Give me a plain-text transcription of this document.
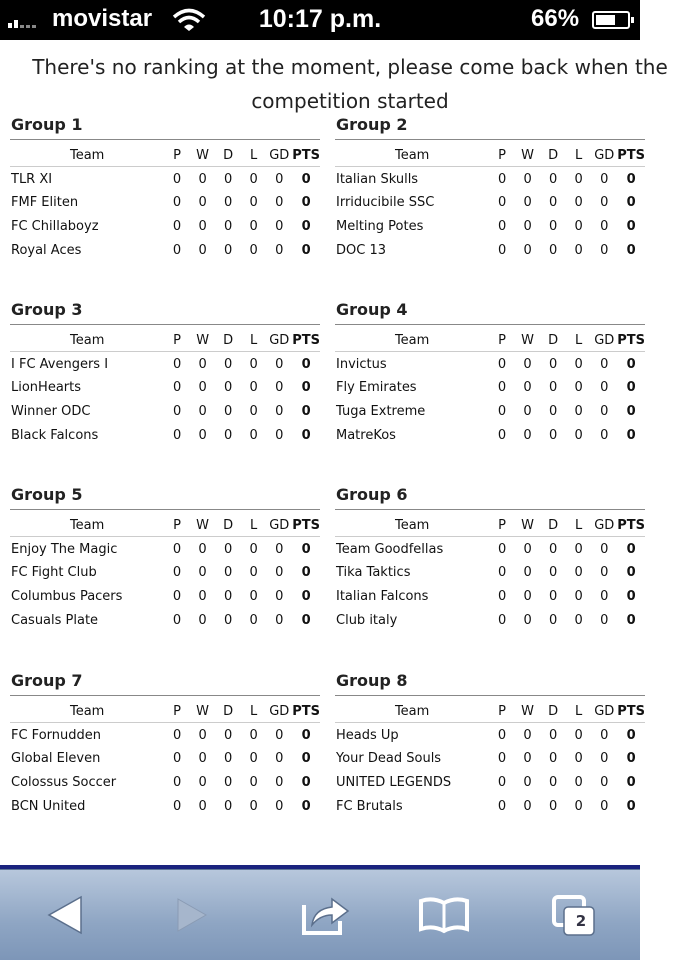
movistar	10:17 p.m.	66%
There's no ranking at the moment, please come back when the
competition started
Group 1
Team	P	W	D	L	GD	PTS
TLR XI	0	0	0	0	0	0
FMF Eliten	0	0	0	0	0	0
FC Chillaboyz	0	0	0	0	0	0
Royal Aces	0	0	0	0	0	0
Group 2
Team	P	W	D	L	GD	PTS
Italian Skulls	0	0	0	0	0	0
Irriducibile SSC	0	0	0	0	0	0
Melting Potes	0	0	0	0	0	0
DOC 13	0	0	0	0	0	0
Group 3
Team	P	W	D	L	GD	PTS
I FC Avengers I	0	0	0	0	0	0
LionHearts	0	0	0	0	0	0
Winner ODC	0	0	0	0	0	0
Black Falcons	0	0	0	0	0	0
Group 4
Team	P	W	D	L	GD	PTS
Invictus	0	0	0	0	0	0
Fly Emirates	0	0	0	0	0	0
Tuga Extreme	0	0	0	0	0	0
MatreKos	0	0	0	0	0	0
Group 5
Team	P	W	D	L	GD	PTS
Enjoy The Magic	0	0	0	0	0	0
FC Fight Club	0	0	0	0	0	0
Columbus Pacers	0	0	0	0	0	0
Casuals Plate	0	0	0	0	0	0
Group 6
Team	P	W	D	L	GD	PTS
Team Goodfellas	0	0	0	0	0	0
Tika Taktics	0	0	0	0	0	0
Italian Falcons	0	0	0	0	0	0
Club italy	0	0	0	0	0	0
Group 7
Team	P	W	D	L	GD	PTS
FC Fornudden	0	0	0	0	0	0
Global Eleven	0	0	0	0	0	0
Colossus Soccer	0	0	0	0	0	0
BCN United	0	0	0	0	0	0
Group 8
Team	P	W	D	L	GD	PTS
Heads Up	0	0	0	0	0	0
Your Dead Souls	0	0	0	0	0	0
UNITED LEGENDS	0	0	0	0	0	0
FC Brutals	0	0	0	0	0	0
2
